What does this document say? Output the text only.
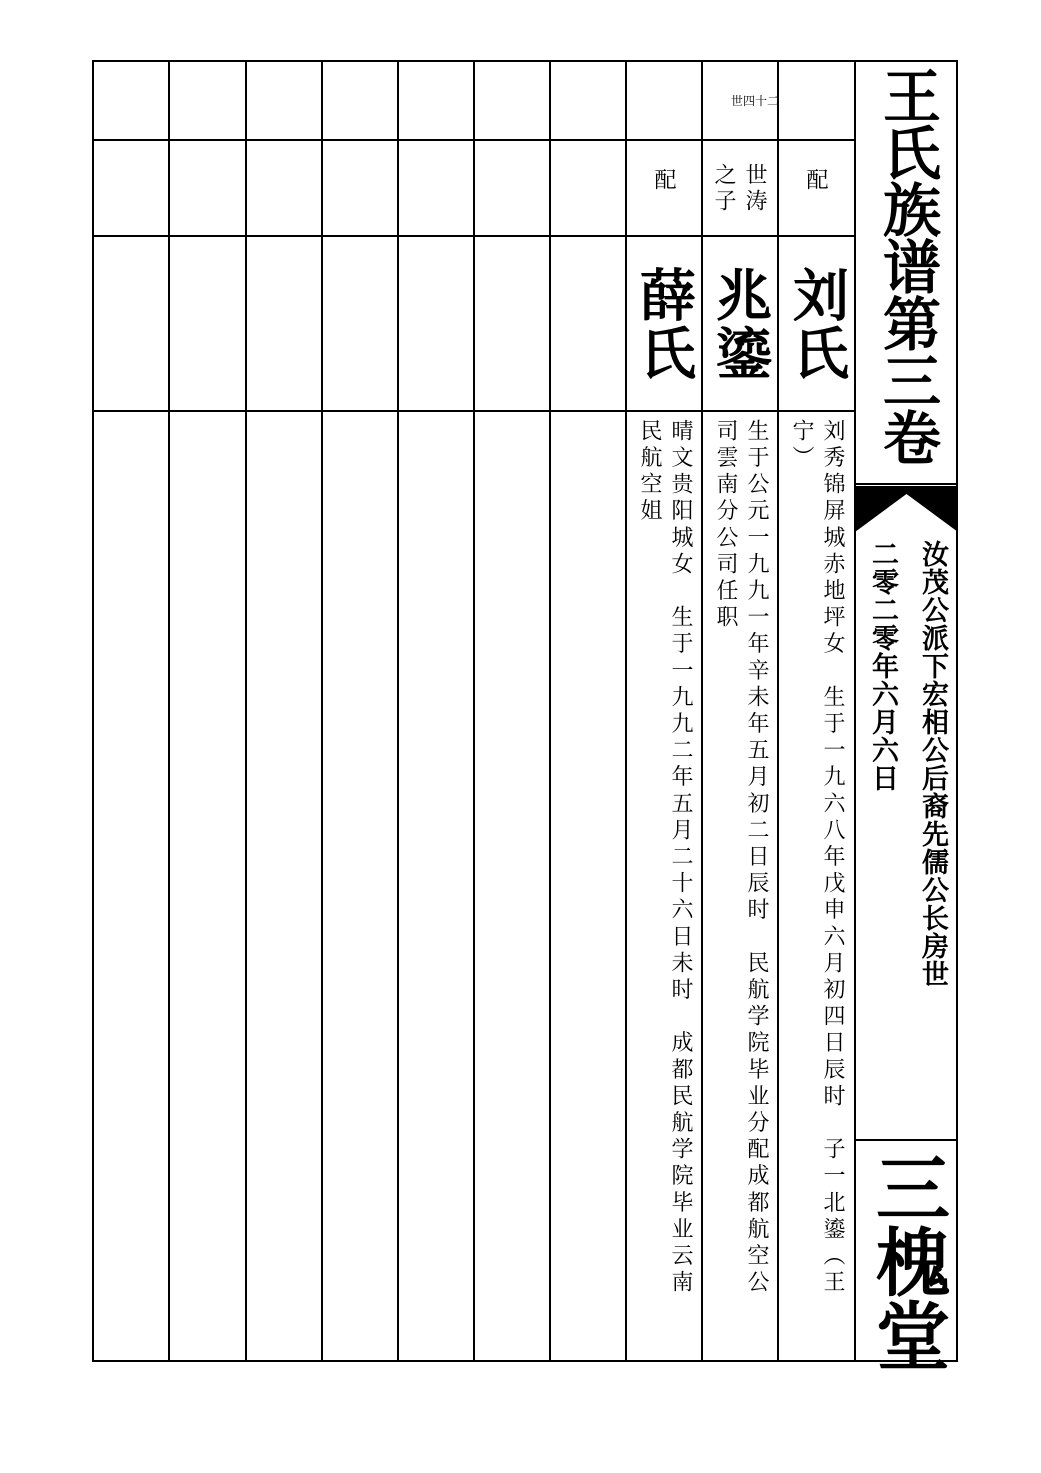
王氏族谱第三卷
汝茂公派下宏相公后裔先儒公长房世
二零二零年六月六日
三槐堂
配
刘氏
刘秀锦屏城赤地坪女　生于一九六八年戊申六月初四日辰时　子一北鎏（王
宁）
世四十二
世涛
之子
兆鎏
生于公元一九九一年辛未年五月初二日辰时　民航学院毕业分配成都航空公
司雲南分公司任职
配
薛氏
晴文贵阳城女　生于一九九二年五月二十六日未时　成都民航学院毕业云南
民航空姐
